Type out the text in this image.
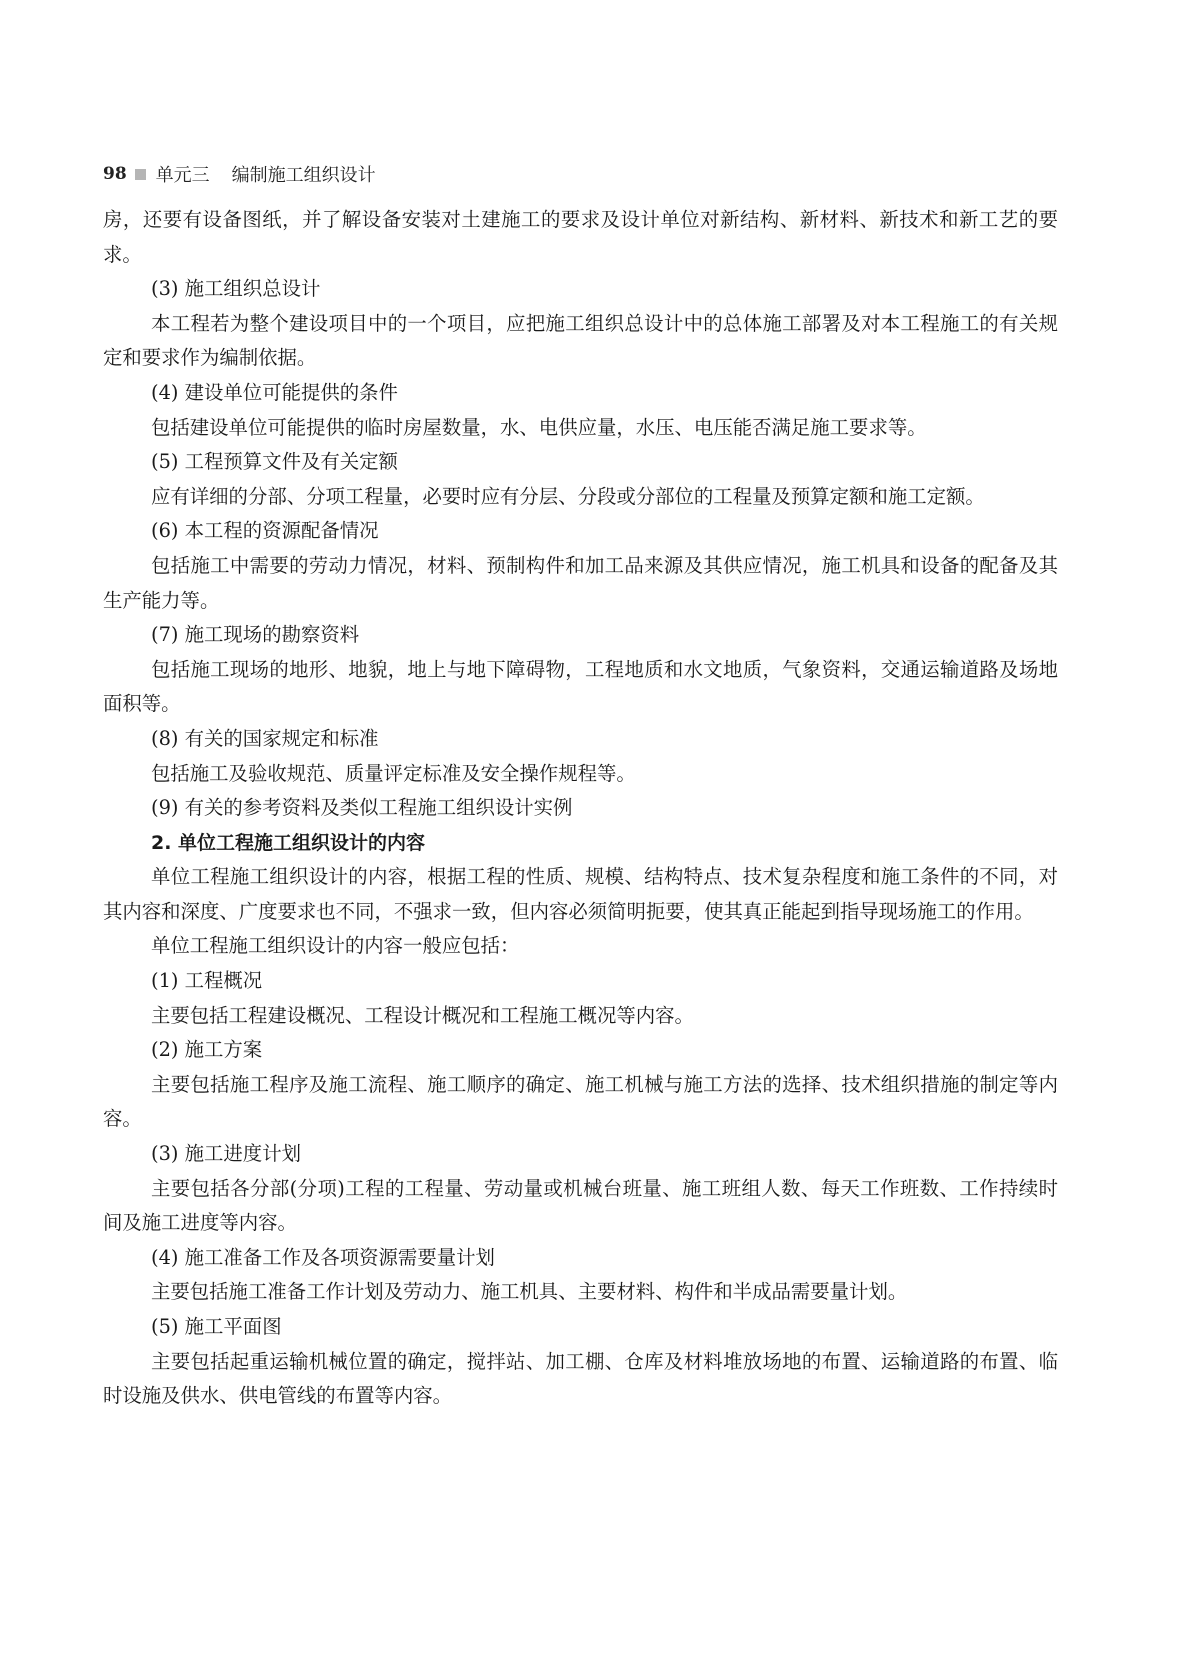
98 单元三 编制施工组织设计

房，还要有设备图纸，并了解设备安装对土建施工的要求及设计单位对新结构、新材料、新技术和新工艺的要求。

(3) 施工组织总设计

本工程若为整个建设项目中的一个项目，应把施工组织总设计中的总体施工部署及对本工程施工的有关规定和要求作为编制依据。

(4) 建设单位可能提供的条件

包括建设单位可能提供的临时房屋数量，水、电供应量，水压、电压能否满足施工要求等。

(5) 工程预算文件及有关定额

应有详细的分部、分项工程量，必要时应有分层、分段或分部位的工程量及预算定额和施工定额。

(6) 本工程的资源配备情况

包括施工中需要的劳动力情况，材料、预制构件和加工品来源及其供应情况，施工机具和设备的配备及其生产能力等。

(7) 施工现场的勘察资料

包括施工现场的地形、地貌，地上与地下障碍物，工程地质和水文地质，气象资料，交通运输道路及场地面积等。

(8) 有关的国家规定和标准

包括施工及验收规范、质量评定标准及安全操作规程等。

(9) 有关的参考资料及类似工程施工组织设计实例

2. 单位工程施工组织设计的内容

单位工程施工组织设计的内容，根据工程的性质、规模、结构特点、技术复杂程度和施工条件的不同，对其内容和深度、广度要求也不同，不强求一致，但内容必须简明扼要，使其真正能起到指导现场施工的作用。

单位工程施工组织设计的内容一般应包括：

(1) 工程概况

主要包括工程建设概况、工程设计概况和工程施工概况等内容。

(2) 施工方案

主要包括施工程序及施工流程、施工顺序的确定、施工机械与施工方法的选择、技术组织措施的制定等内容。

(3) 施工进度计划

主要包括各分部(分项)工程的工程量、劳动量或机械台班量、施工班组人数、每天工作班数、工作持续时间及施工进度等内容。

(4) 施工准备工作及各项资源需要量计划

主要包括施工准备工作计划及劳动力、施工机具、主要材料、构件和半成品需要量计划。

(5) 施工平面图

主要包括起重运输机械位置的确定，搅拌站、加工棚、仓库及材料堆放场地的布置、运输道路的布置、临时设施及供水、供电管线的布置等内容。
